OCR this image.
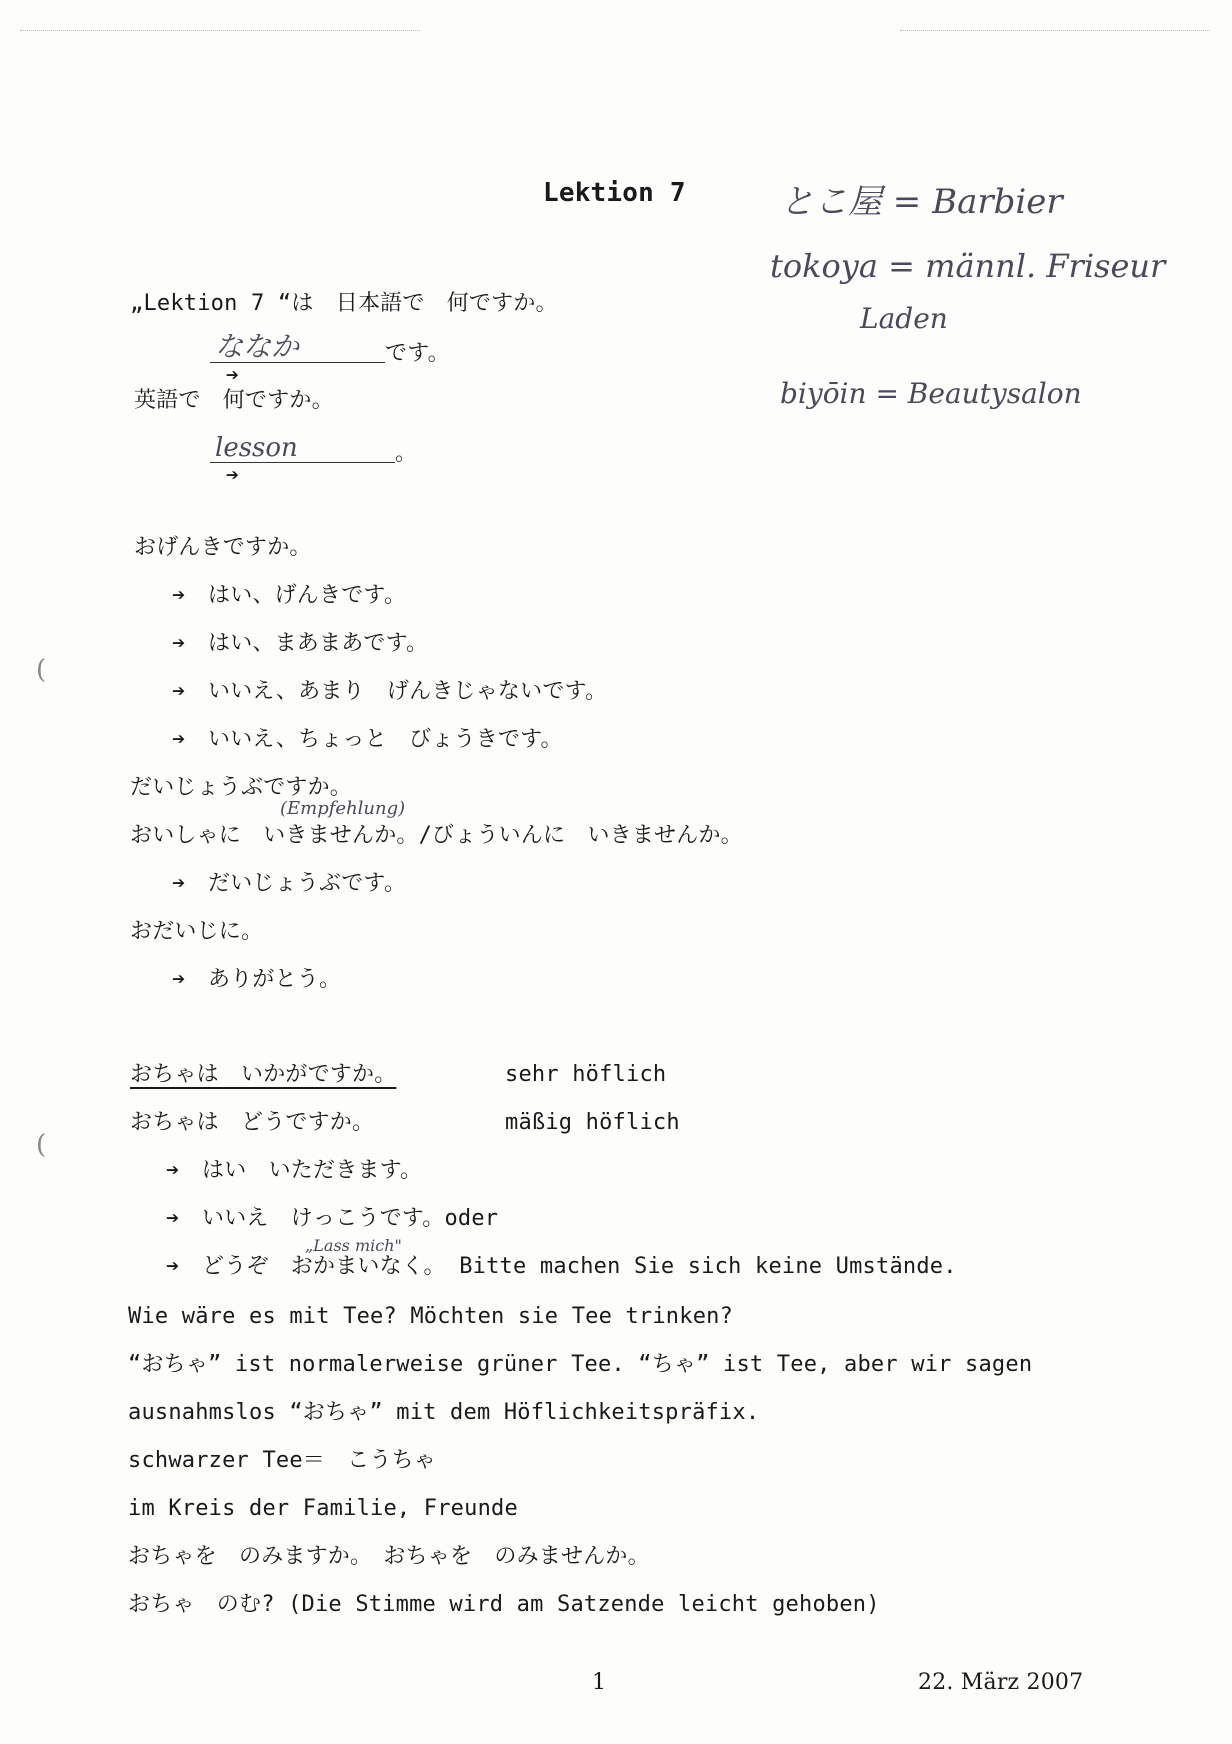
Lektion 7	とこ屋 = Barbier
tokoya = männl. Friseur
Laden
biyōin = Beautysalon
„Lektion 7 “は　日本語で　何ですか。

➔

ななか	です。
英語で　何ですか。

➔

lesson	。
おげんきですか。
➔ はい、げんきです。
➔ はい、まあまあです。
➔ いいえ、あまり　げんきじゃないです。
➔ いいえ、ちょっと　びょうきです。
だいじょうぶですか。
(Empfehlung)
おいしゃに　いきませんか。/びょういんに　いきませんか。
➔ だいじょうぶです。
おだいじに。
➔ ありがとう。
おちゃは　いかがですか。	sehr höflich
おちゃは　どうですか。	mäßig höflich
➔ はい　いただきます。
➔ いいえ　けっこうです。oder
„Lass mich"
➔ どうぞ　おかまいなく。 Bitte machen Sie sich keine Umstände.
Wie wäre es mit Tee? Möchten sie Tee trinken?
“おちゃ” ist normalerweise grüner Tee. “ちゃ” ist Tee, aber wir sagen
ausnahmslos “おちゃ” mit dem Höflichkeitspräfix.
schwarzer Tee＝　こうちゃ
im Kreis der Familie, Freunde
おちゃを　のみますか。　おちゃを　のみませんか。
おちゃ　のむ? (Die Stimme wird am Satzende leicht gehoben)
1	22. März 2007
(
(
